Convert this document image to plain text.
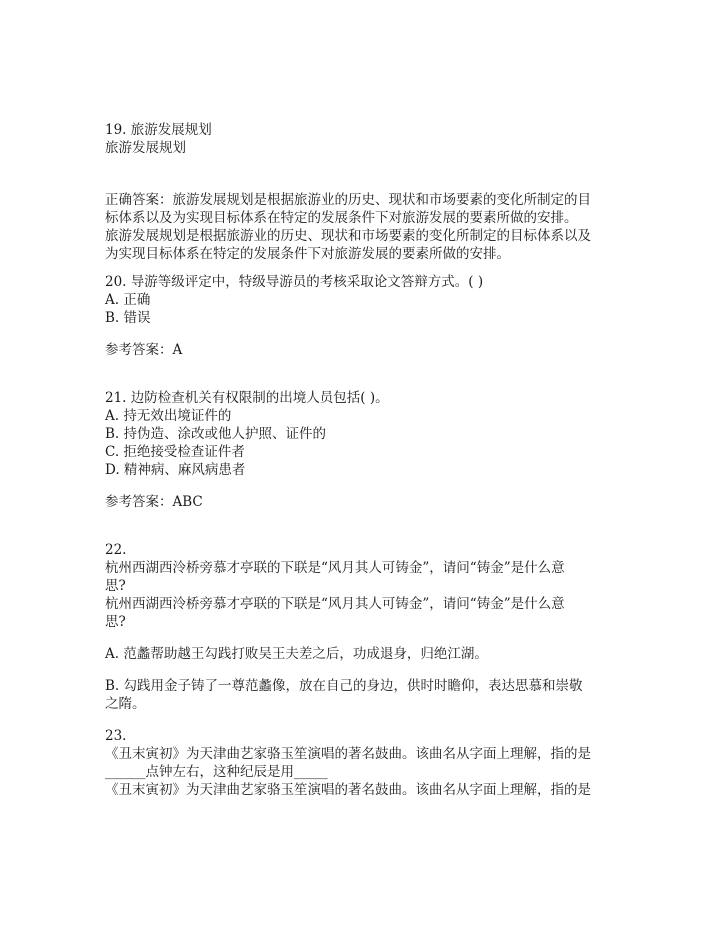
19. 旅游发展规划
旅游发展规划
正确答案：旅游发展规划是根据旅游业的历史、现状和市场要素的变化所制定的目
标体系以及为实现目标体系在特定的发展条件下对旅游发展的要素所做的安排。
旅游发展规划是根据旅游业的历史、现状和市场要素的变化所制定的目标体系以及
为实现目标体系在特定的发展条件下对旅游发展的要素所做的安排。
20. 导游等级评定中，特级导游员的考核采取论文答辩方式。( )
A. 正确
B. 错误
参考答案：A
21. 边防检查机关有权限制的出境人员包括( )。
A. 持无效出境证件的
B. 持伪造、涂改或他人护照、证件的
C. 拒绝接受检查证件者
D. 精神病、麻风病患者
参考答案：ABC
22.
杭州西湖西泠桥旁慕才亭联的下联是“风月其人可铸金”，请问“铸金”是什么意
思?
杭州西湖西泠桥旁慕才亭联的下联是“风月其人可铸金”，请问“铸金”是什么意
思?
A. 范蠡帮助越王勾践打败吴王夫差之后，功成退身，归绝江湖。
B. 勾践用金子铸了一尊范蠡像，放在自己的身边，供时时瞻仰，表达思慕和崇敬
之隋。
23.
《丑末寅初》为天津曲艺家骆玉笙演唱的著名鼓曲。该曲名从字面上理解，指的是
______点钟左右，这种纪辰是用_____
《丑末寅初》为天津曲艺家骆玉笙演唱的著名鼓曲。该曲名从字面上理解，指的是
